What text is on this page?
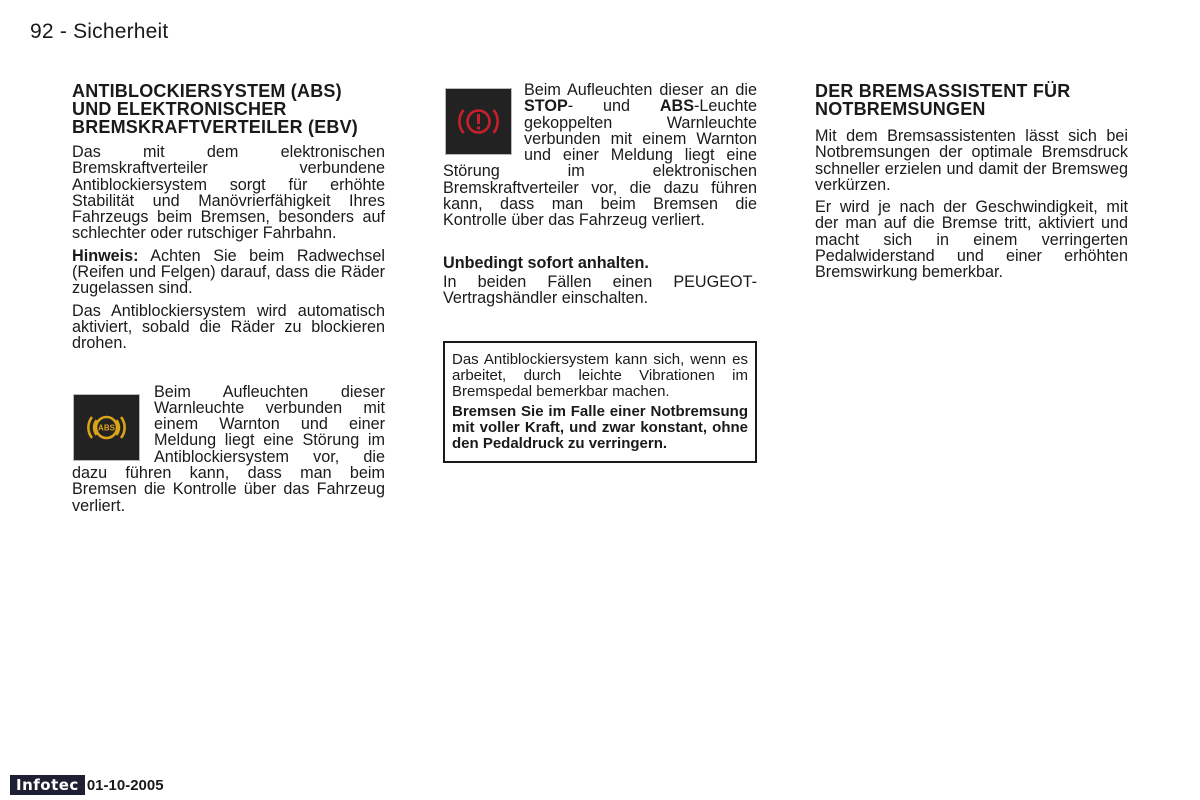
92 - Sicherheit
ANTIBLOCKIERSYSTEM (ABS) UND ELEKTRONISCHER BREMSKRAFTVERTEILER (EBV)

Das mit dem elektronischen Bremskraftverteiler verbundene Antiblockiersystem sorgt für erhöhte Stabilität und Manövrierfähigkeit Ihres Fahrzeugs beim Bremsen, besonders auf schlechter oder rutschiger Fahrbahn.

Hinweis: Achten Sie beim Radwechsel (Reifen und Felgen) darauf, dass die Räder zugelassen sind.

Das Antiblockiersystem wird automatisch aktiviert, sobald die Räder zu blockieren drohen.

ABS

Beim Aufleuchten dieser Warnleuchte verbunden mit einem Warnton und einer Meldung liegt eine Störung im Antiblockiersystem vor, die dazu führen kann, dass man beim Bremsen die Kontrolle über das Fahrzeug verliert.

Beim Aufleuchten dieser an die STOP- und ABS-Leuchte gekoppelten Warnleuchte verbunden mit einem Warnton und einer Meldung liegt eine Störung im elektronischen Bremskraftverteiler vor, die dazu führen kann, dass man beim Bremsen die Kontrolle über das Fahrzeug verliert.

Unbedingt sofort anhalten.

In beiden Fällen einen PEUGEOT-Vertragshändler einschalten.

Das Antiblockiersystem kann sich, wenn es arbeitet, durch leichte Vibrationen im Bremspedal bemerkbar machen.

Bremsen Sie im Falle einer Notbremsung mit voller Kraft, und zwar konstant, ohne den Pedaldruck zu verringern.

DER BREMSASSISTENT FÜR NOTBREMSUNGEN

Mit dem Bremsassistenten lässt sich bei Notbremsungen der optimale Bremsdruck schneller erzielen und damit der Bremsweg verkürzen.

Er wird je nach der Geschwindigkeit, mit der man auf die Bremse tritt, aktiviert und macht sich in einem verringerten Pedalwiderstand und einer erhöhten Bremswirkung bemerkbar.

Infotec 01-10-2005
